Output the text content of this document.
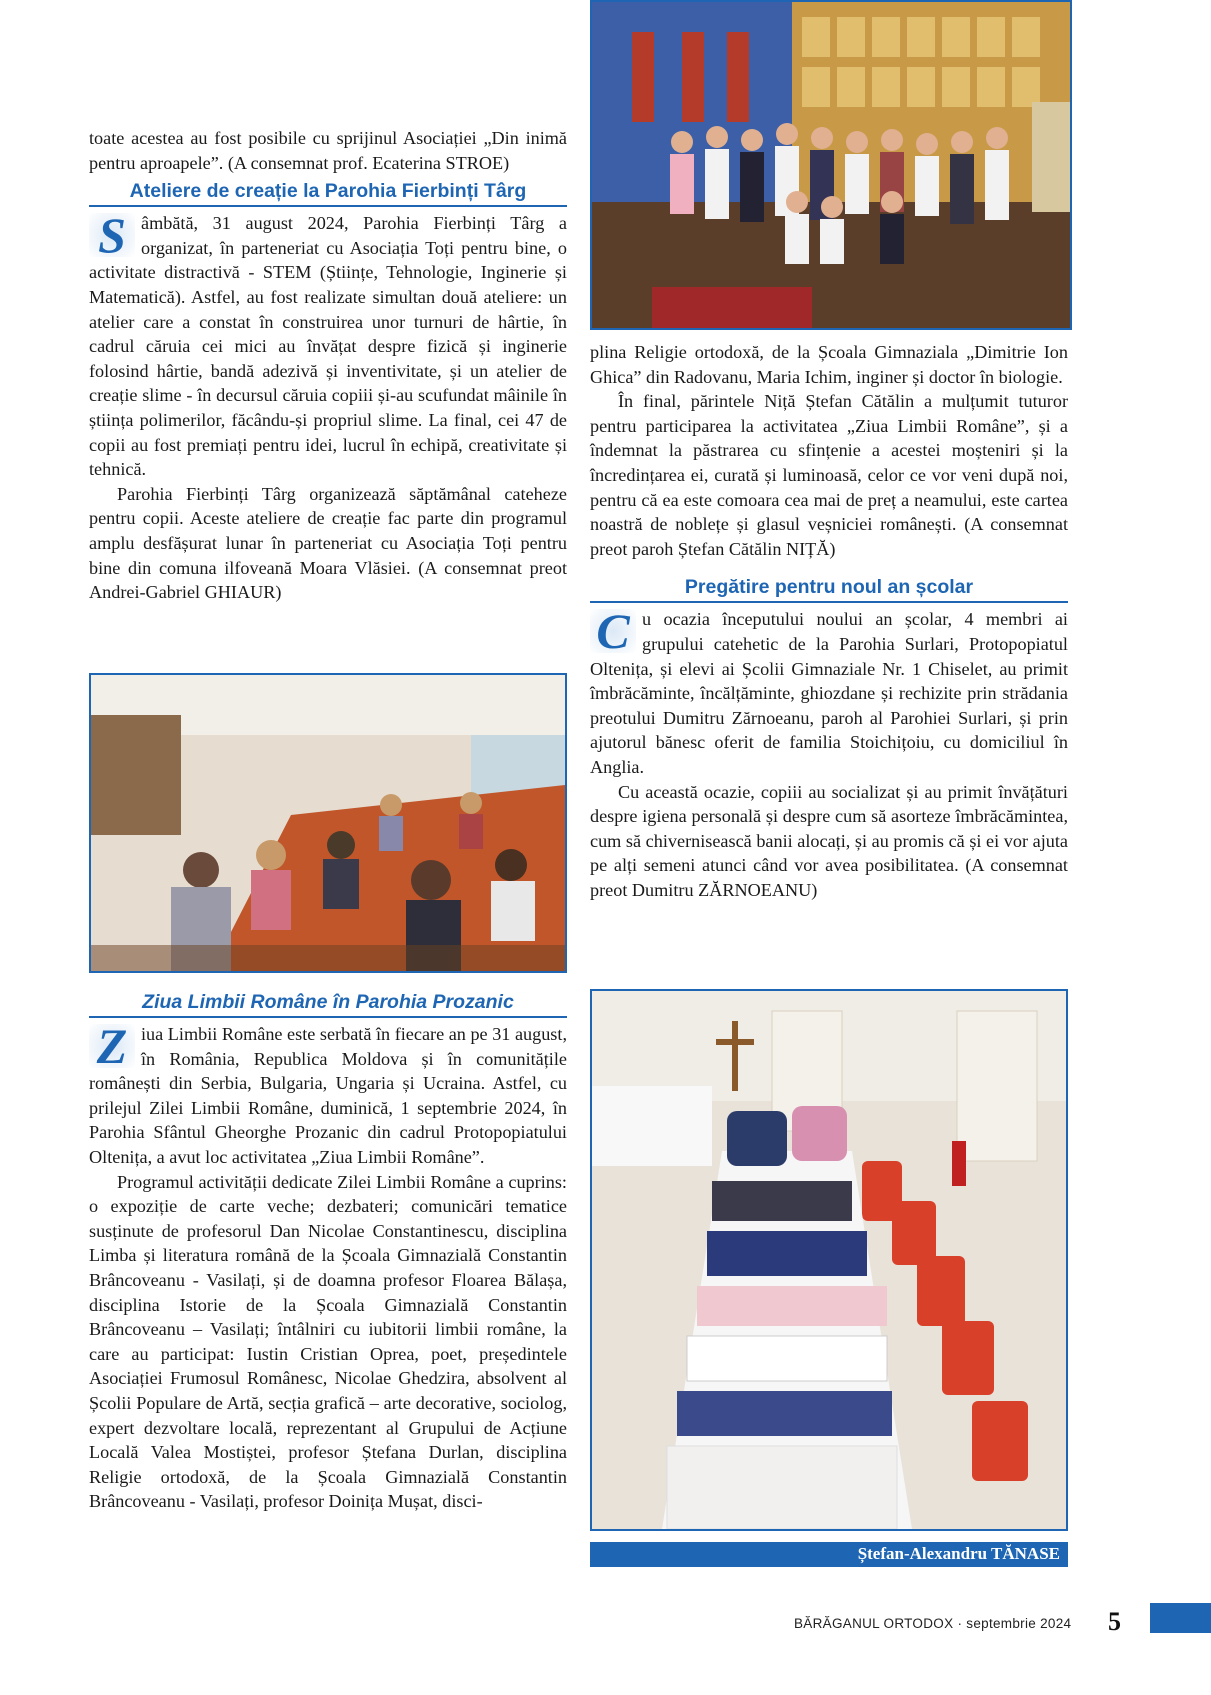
toate acestea au fost posibile cu sprijinul Asociației „Din inimă pentru aproapele”. (A consemnat prof. Ecaterina STROE)

Ateliere de creație la Parohia Fierbinți Târg

S âmbătă, 31 august 2024, Parohia Fierbinți Târg a organizat, în parteneriat cu Asociația Toți pentru bine, o activitate distractivă - STEM (Științe, Tehnologie, Inginerie și Matematică). Astfel, au fost realizate simultan două ateliere: un atelier care a constat în construirea unor turnuri de hârtie, în cadrul căruia cei mici au învățat despre fizică și inginerie folosind hârtie, bandă adezivă și inventivitate, și un atelier de creație slime - în decursul căruia copiii și-au scufundat mâinile în știința polimerilor, făcându-și propriul slime. La final, cei 47 de copii au fost premiați pentru idei, lucrul în echipă, creativitate și tehnică.

Parohia Fierbinți Târg organizează săptămânal cateheze pentru copii. Aceste ateliere de creație fac parte din programul amplu desfășurat lunar în parteneriat cu Asociația Toți pentru bine din comuna ilfoveană Moara Vlăsiei. (A consemnat preot Andrei-Gabriel GHIAUR)

Ziua Limbii Române în Parohia Prozanic

Z iua Limbii Române este serbată în fiecare an pe 31 august, în România, Republica Moldova și în comunitățile românești din Serbia, Bulgaria, Ungaria și Ucraina. Astfel, cu prilejul Zilei Limbii Române, duminică, 1 septembrie 2024, în Parohia Sfântul Gheorghe Prozanic din cadrul Protopopiatului Oltenița, a avut loc activitatea „Ziua Limbii Române”.

Programul activității dedicate Zilei Limbii Române a cuprins: o expoziție de carte veche; dezbateri; comunicări tematice susținute de profesorul Dan Nicolae Constantinescu, disciplina Limba și literatura română de la Școala Gimnazială Constantin Brâncoveanu - Vasilați, și de doamna profesor Floarea Bălașa, disciplina Istorie de la Școala Gimnazială Constantin Brâncoveanu – Vasilați; întâlniri cu iubitorii limbii române, la care au participat: Iustin Cristian Oprea, poet, președintele Asociației Frumosul Românesc, Nicolae Ghedzira, absolvent al Școlii Populare de Artă, secția grafică – arte decorative, sociolog, expert dezvoltare locală, reprezentant al Grupului de Acțiune Locală Valea Mostiștei, profesor Ștefana Durlan, disciplina Religie ortodoxă, de la Școala Gimnazială Constantin Brâncoveanu - Vasilați, profesor Doinița Mușat, disci-

plina Religie ortodoxă, de la Școala Gimnaziala „Dimitrie Ion Ghica” din Radovanu, Maria Ichim, inginer și doctor în biologie.

În final, părintele Niță Ștefan Cătălin a mulțumit tuturor pentru participarea la activitatea „Ziua Limbii Române”, și a îndemnat la păstrarea cu sfințenie a acestei moșteniri și la încredințarea ei, curată și luminoasă, celor ce vor veni după noi, pentru că ea este comoara cea mai de preț a neamului, este cartea noastră de noblețe și glasul veșniciei românești. (A consemnat preot paroh Ștefan Cătălin NIȚĂ)

Pregătire pentru noul an școlar

C u ocazia începutului noului an școlar, 4 membri ai grupului catehetic de la Parohia Surlari, Protopopiatul Oltenița, și elevi ai Școlii Gimnaziale Nr. 1 Chiselet, au primit îmbrăcăminte, încălțăminte, ghiozdane și rechizite prin strădania preotului Dumitru Zărnoeanu, paroh al Parohiei Surlari, și prin ajutorul bănesc oferit de familia Stoichițoiu, cu domiciliul în Anglia.

Cu această ocazie, copiii au socializat și au primit învățături despre igiena personală și despre cum să asorteze îmbrăcămintea, cum să chivernisească banii alocați, și au promis că și ei vor ajuta pe alți semeni atunci când vor avea posibilitatea. (A consemnat preot Dumitru ZĂRNOEANU)

Ștefan-Alexandru TĂNASE
BĂRĂGANUL ORTODOX · septembrie 2024 5
